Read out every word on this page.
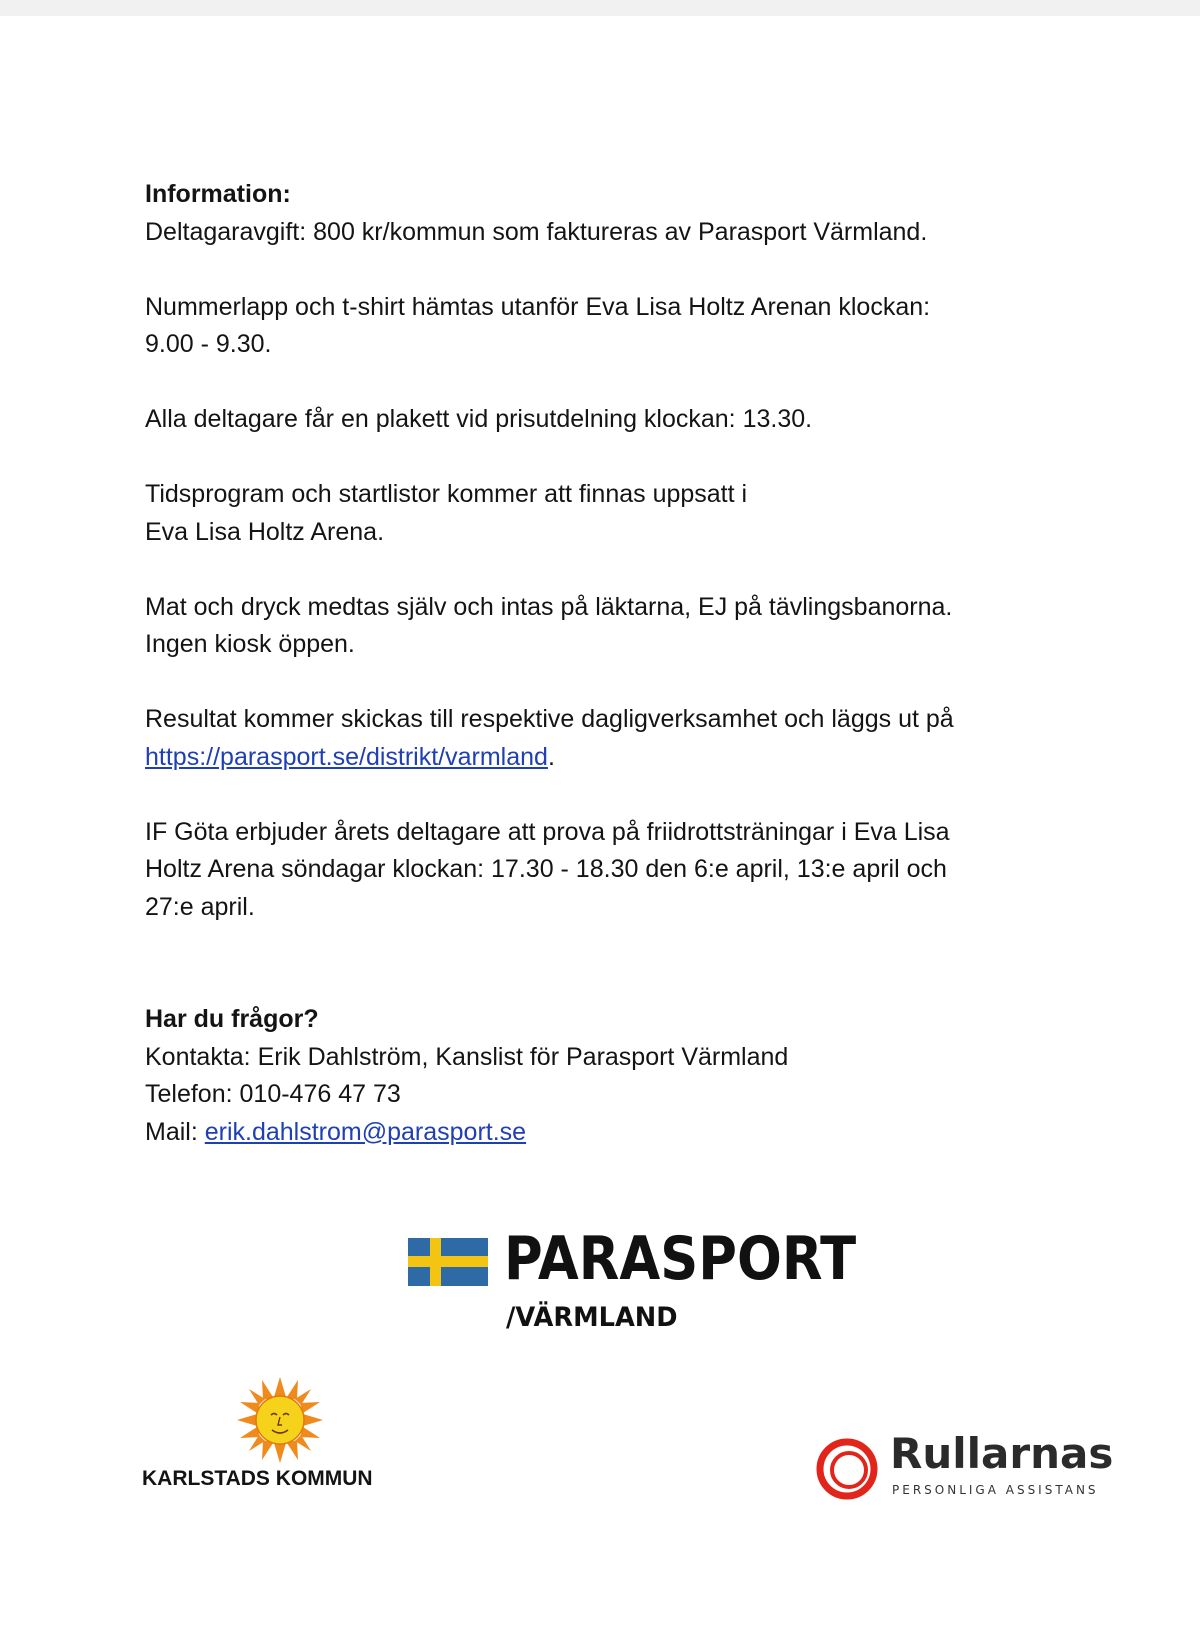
Information:

Deltagaravgift: 800 kr/kommun som faktureras av Parasport Värmland.

Nummerlapp och t-shirt hämtas utanför Eva Lisa Holtz Arenan klockan:
9.00 - 9.30.

Alla deltagare får en plakett vid prisutdelning klockan: 13.30.

Tidsprogram och startlistor kommer att finnas uppsatt i
Eva Lisa Holtz Arena.

Mat och dryck medtas själv och intas på läktarna, EJ på tävlingsbanorna.
Ingen kiosk öppen.

Resultat kommer skickas till respektive dagligverksamhet och läggs ut på
https://parasport.se/distrikt/varmland.

IF Göta erbjuder årets deltagare att prova på friidrottsträningar i Eva Lisa
Holtz Arena söndagar klockan: 17.30 - 18.30 den 6:e april, 13:e april och
27:e april.

Har du frågor?

Kontakta: Erik Dahlström, Kanslist för Parasport Värmland

Telefon: 010-476 47 73

Mail: erik.dahlstrom@parasport.se

PARASPORT
/VÄRMLAND
KARLSTADS KOMMUN
Rullarnas
PERSONLIGA ASSISTANS
